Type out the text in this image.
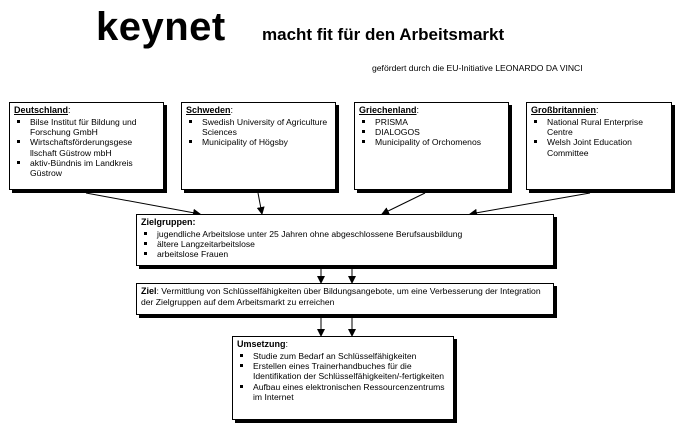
keynet macht fit für den Arbeitsmarkt
gefördert durch die EU-Initiative LEONARDO DA VINCI
Deutschland:
Bilse Institut für Bildung und Forschung GmbH
Wirtschaftsförderungsgese llschaft Güstrow mbH
aktiv-Bündnis im Landkreis Güstrow
Schweden:
Swedish University of Agriculture Sciences
Municipality of Högsby
Griechenland:
PRISMA
DIALOGOS
Municipality of Orchomenos
Großbritannien:
National Rural Enterprise Centre
Welsh Joint Education Committee
Zielgruppen:
jugendliche Arbeitslose unter 25 Jahren ohne abgeschlossene Berufsausbildung
ältere Langzeitarbeitslose
arbeitslose Frauen
Ziel: Vermittlung von Schlüsselfähigkeiten über Bildungsangebote, um eine Verbesserung der Integration der Zielgruppen auf dem Arbeitsmarkt zu erreichen
Umsetzung:
Studie zum Bedarf an Schlüsselfähigkeiten
Erstellen eines Trainerhandbuches für die Identifikation der Schlüsselfähigkeiten/-fertigkeiten
Aufbau eines elektronischen Ressourcenzentrums im Internet
